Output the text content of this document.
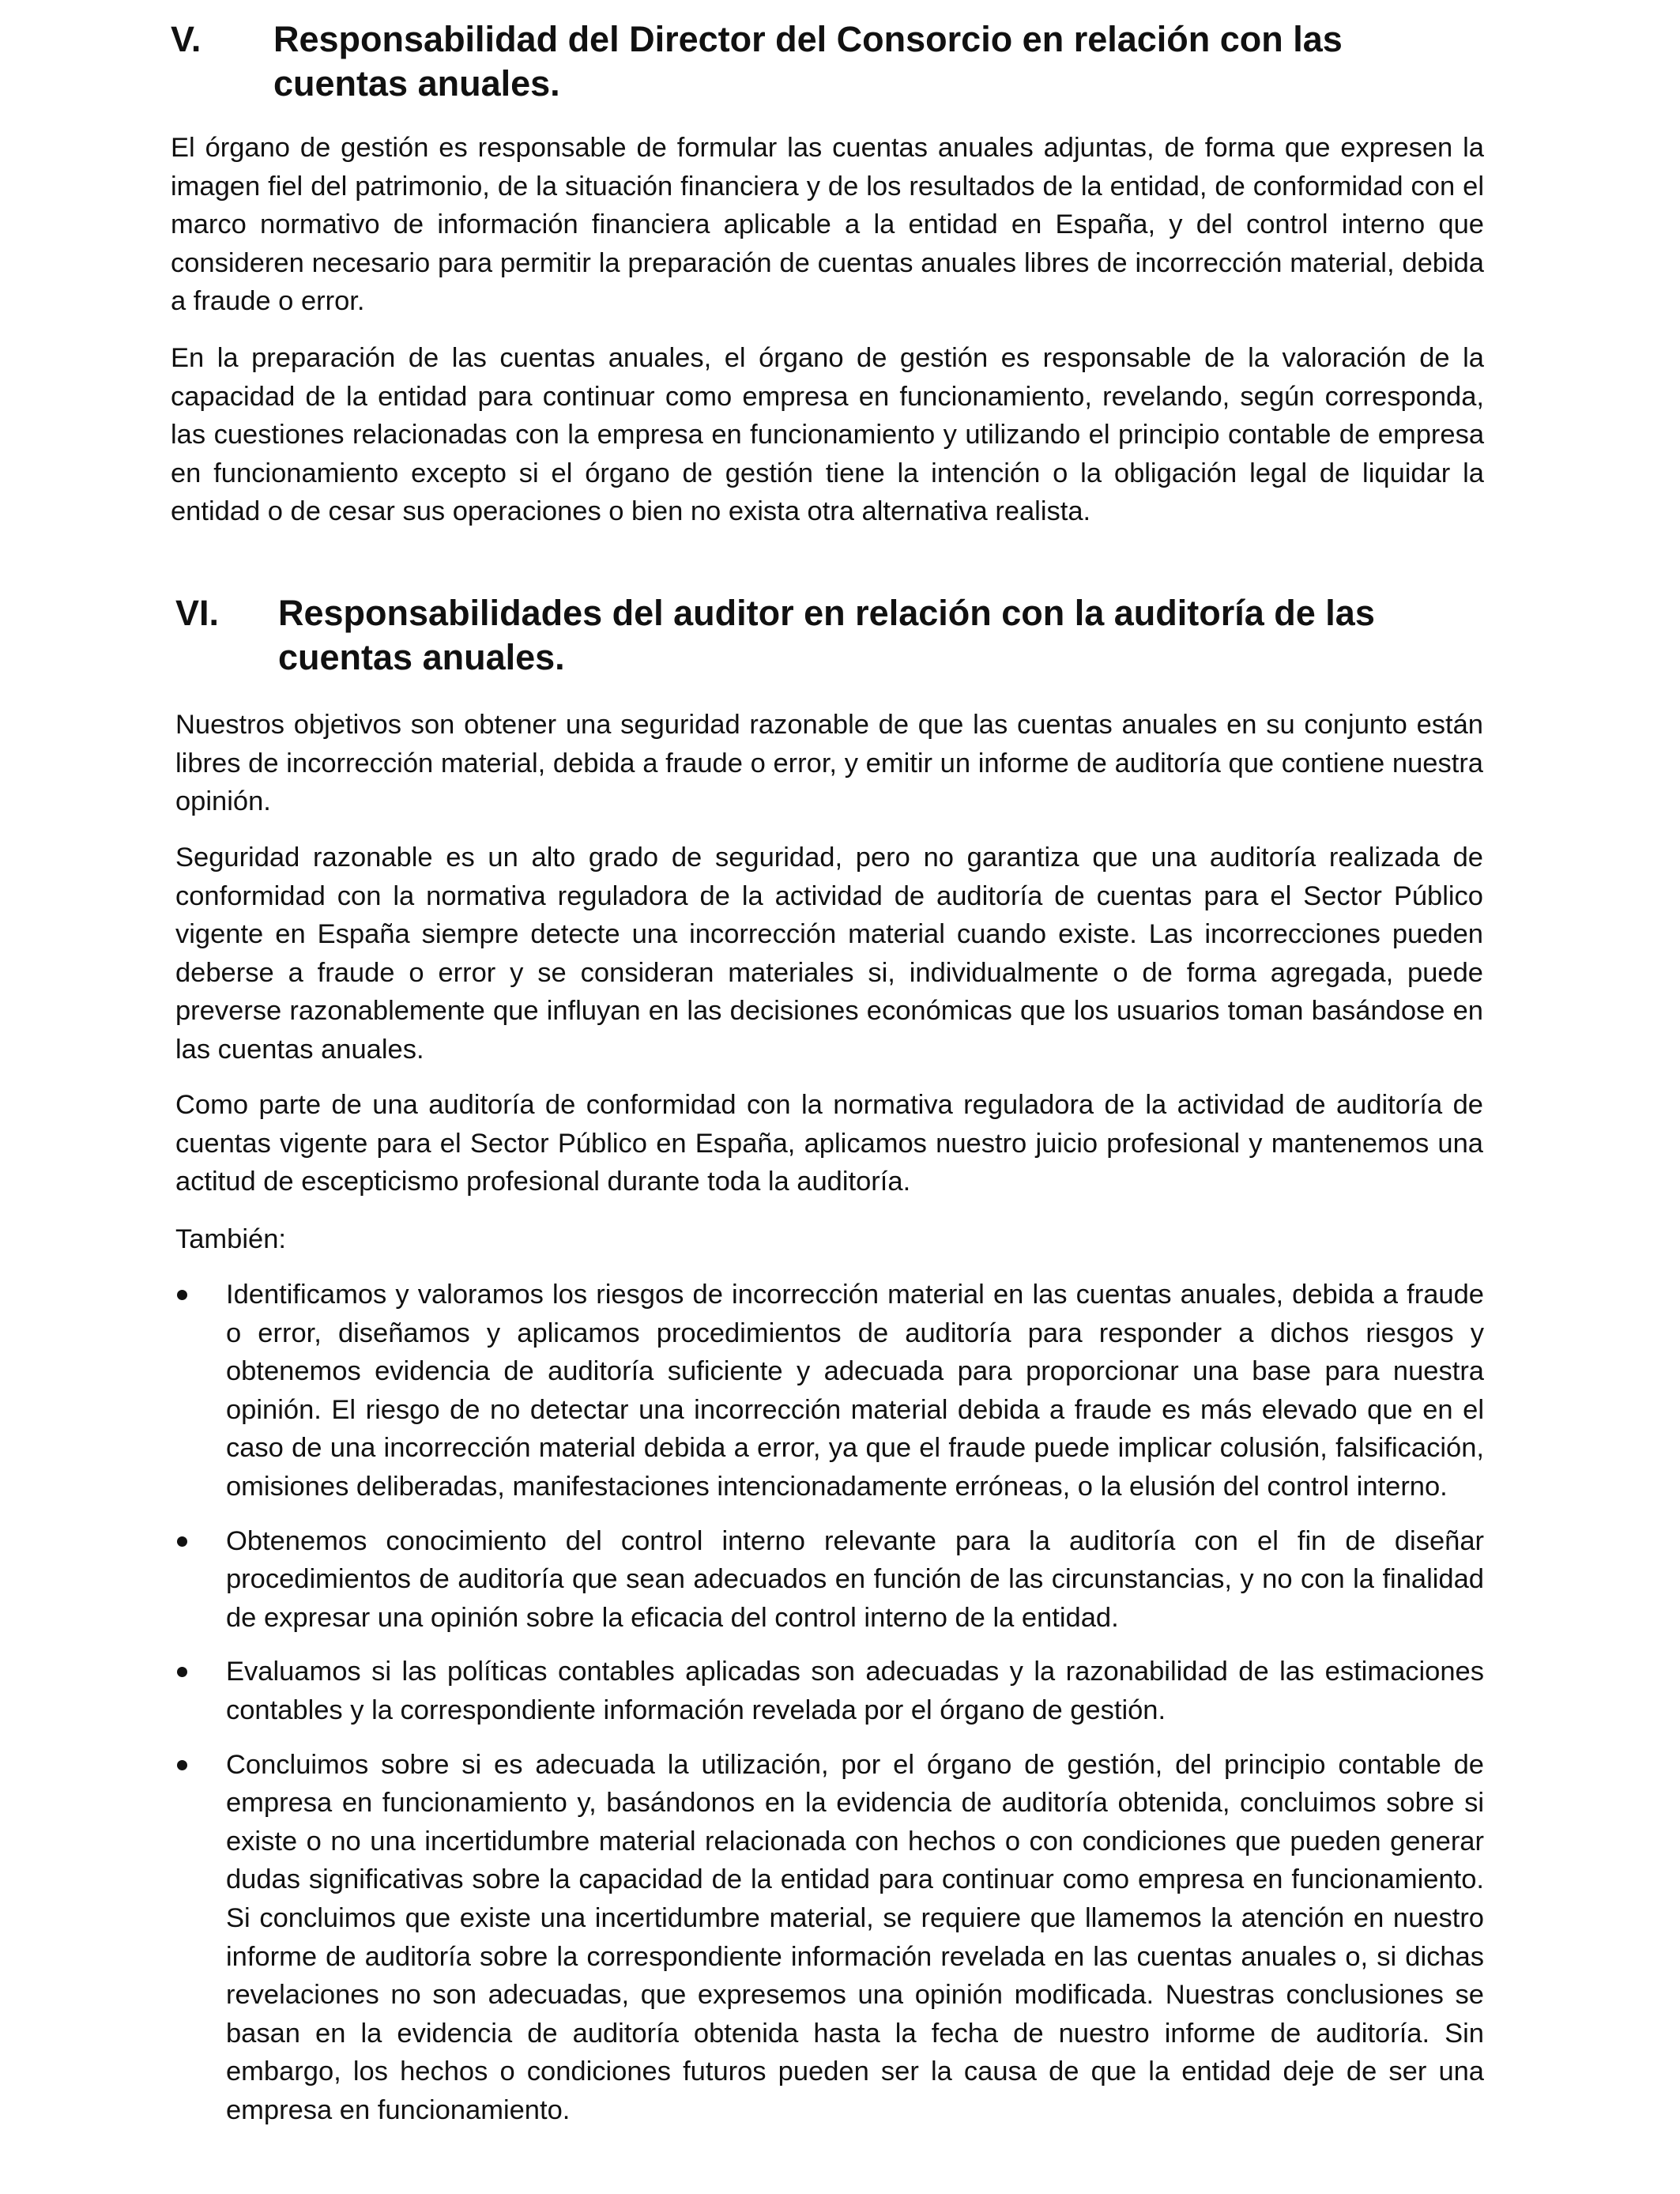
V. Responsabilidad del Director del Consorcio en relación con las cuentas anuales.

El órgano de gestión es responsable de formular las cuentas anuales adjuntas, de forma que expresen la imagen fiel del patrimonio, de la situación financiera y de los resultados de la entidad, de conformidad con el marco normativo de información financiera aplicable a la entidad en España, y del control interno que consideren necesario para permitir la preparación de cuentas anuales libres de incorrección material, debida a fraude o error.

En la preparación de las cuentas anuales, el órgano de gestión es responsable de la valoración de la capacidad de la entidad para continuar como empresa en funcionamiento, revelando, según corresponda, las cuestiones relacionadas con la empresa en funcionamiento y utilizando el principio contable de empresa en funcionamiento excepto si el órgano de gestión tiene la intención o la obligación legal de liquidar la entidad o de cesar sus operaciones o bien no exista otra alternativa realista.

VI. Responsabilidades del auditor en relación con la auditoría de las cuentas anuales.

Nuestros objetivos son obtener una seguridad razonable de que las cuentas anuales en su conjunto están libres de incorrección material, debida a fraude o error, y emitir un informe de auditoría que contiene nuestra opinión.

Seguridad razonable es un alto grado de seguridad, pero no garantiza que una auditoría realizada de conformidad con la normativa reguladora de la actividad de auditoría de cuentas para el Sector Público vigente en España siempre detecte una incorrección material cuando existe. Las incorrecciones pueden deberse a fraude o error y se consideran materiales si, individualmente o de forma agregada, puede preverse razonablemente que influyan en las decisiones económicas que los usuarios toman basándose en las cuentas anuales.

Como parte de una auditoría de conformidad con la normativa reguladora de la actividad de auditoría de cuentas vigente para el Sector Público en España, aplicamos nuestro juicio profesional y mantenemos una actitud de escepticismo profesional durante toda la auditoría.

También:

Identificamos y valoramos los riesgos de incorrección material en las cuentas anuales, debida a fraude o error, diseñamos y aplicamos procedimientos de auditoría para responder a dichos riesgos y obtenemos evidencia de auditoría suficiente y adecuada para proporcionar una base para nuestra opinión. El riesgo de no detectar una incorrección material debida a fraude es más elevado que en el caso de una incorrección material debida a error, ya que el fraude puede implicar colusión, falsificación, omisiones deliberadas, manifestaciones intencionadamente erróneas, o la elusión del control interno.
Obtenemos conocimiento del control interno relevante para la auditoría con el fin de diseñar procedimientos de auditoría que sean adecuados en función de las circunstancias, y no con la finalidad de expresar una opinión sobre la eficacia del control interno de la entidad.
Evaluamos si las políticas contables aplicadas son adecuadas y la razonabilidad de las estimaciones contables y la correspondiente información revelada por el órgano de gestión.
Concluimos sobre si es adecuada la utilización, por el órgano de gestión, del principio contable de empresa en funcionamiento y, basándonos en la evidencia de auditoría obtenida, concluimos sobre si existe o no una incertidumbre material relacionada con hechos o con condiciones que pueden generar dudas significativas sobre la capacidad de la entidad para continuar como empresa en funcionamiento. Si concluimos que existe una incertidumbre material, se requiere que llamemos la atención en nuestro informe de auditoría sobre la correspondiente información revelada en las cuentas anuales o, si dichas revelaciones no son adecuadas, que expresemos una opinión modificada. Nuestras conclusiones se basan en la evidencia de auditoría obtenida hasta la fecha de nuestro informe de auditoría. Sin embargo, los hechos o condiciones futuros pueden ser la causa de que la entidad deje de ser una empresa en funcionamiento.
